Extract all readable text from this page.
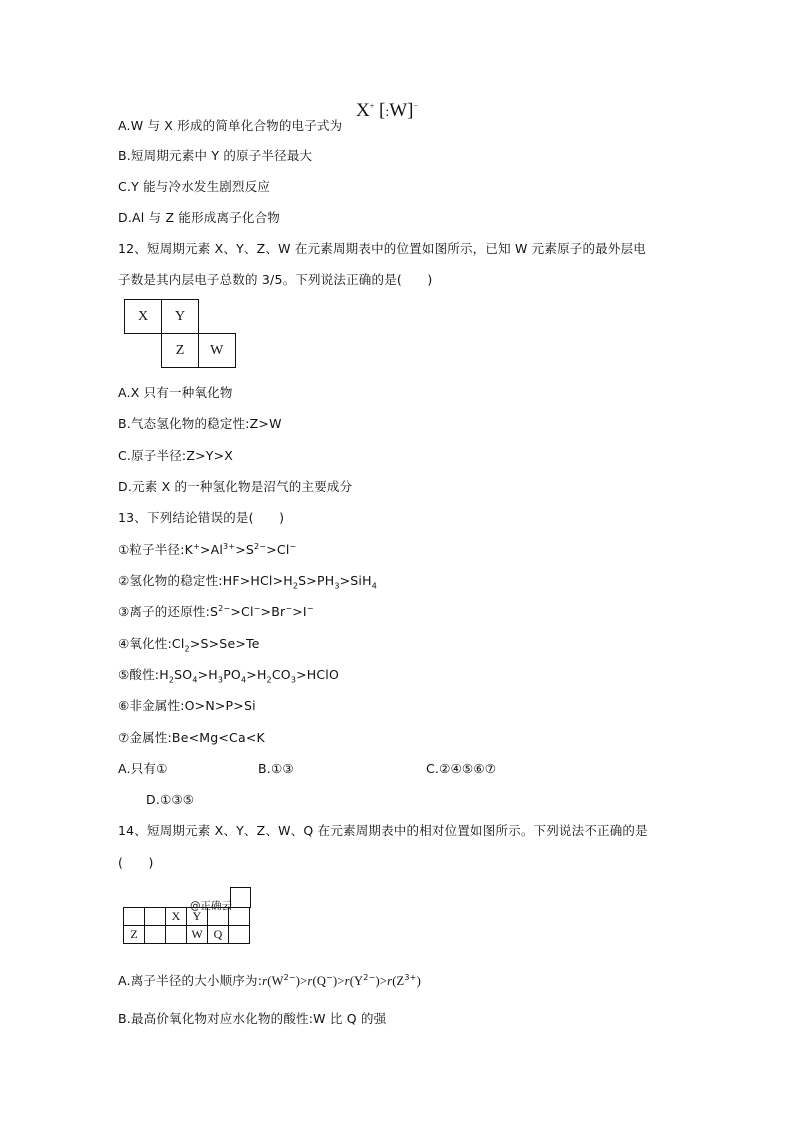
A.W 与 X 形成的简单化合物的电子式为
X+ [:W]−
B.短周期元素中 Y 的原子半径最大
C.Y 能与冷水发生剧烈反应
D.Al 与 Z 能形成离子化合物
12、短周期元素 X、Y、Z、W 在元素周期表中的位置如图所示，已知 W 元素原子的最外层电
子数是其内层电子总数的 3/5。下列说法正确的是(　　)
X	Y	
	Z	W
A.X 只有一种氧化物
B.气态氢化物的稳定性:Z>W
C.原子半径:Z>Y>X
D.元素 X 的一种氢化物是沼气的主要成分
13、下列结论错误的是(　　)
①粒子半径$:K^+>Al^{3+}>S^{2-}>Cl^-$
②氢化物的稳定性$:HF>HCl>H_2S>PH_3>SiH_4$
③离子的还原性$:S^{2-}>Cl^->Br^->I^-$
④氧化性$:Cl_2>S>Se>Te$
⑤酸性$:H_2SO_4>H_3PO_4>H_2CO_3>HClO$
⑥非金属性:O>N>P>Si
⑦金属性:Be<Mg<Ca<K
A.只有①	B.①③	C.②④⑤⑥⑦
D.①③⑤
14、短周期元素 X、Y、Z、W、Q 在元素周期表中的相对位置如图所示。下列说法不正确的是
(　　)
		X	Y		
Z			W	Q	
@正确云
A.离子半径的大小顺序为$:r(W^{2-})>r(Q^-)>r(Y^{2-})>r(Z^{3+})$
B.最高价氧化物对应水化物的酸性:W 比 Q 的强
